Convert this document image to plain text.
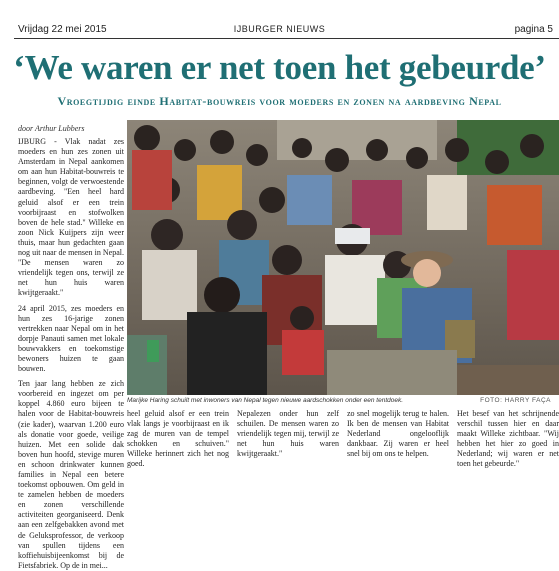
Vrijdag 22 mei 2015	IJBURGER NIEUWS	pagina 5
‘We waren er net toen het gebeurde’
Vroegtijdig einde Habitat-bouwreis voor moeders en zonen na aardbeving Nepal
door Arthur Lubbers

IJBURG - Vlak nadat zes moeders en hun zes zonen uit Amsterdam in Nepal aankomen om aan hun Habitat-bouwreis te beginnen, volgt de verwoestende aardbeving. "Een heel hard geluid alsof er een trein voorbijraast en stofwolken boven de hele stad." Willeke en zoon Nick Kuijpers zijn weer thuis, maar hun gedachten gaan nog uit naar de mensen in Nepal. "De mensen waren zo vriendelijk tegen ons, terwijl ze net hun huis waren kwijtgeraakt."

24 april 2015, zes moeders en hun zes 16-jarige zonen vertrekken naar Nepal om in het dorpje Panauti samen met lokale bouwvakkers en toekomstige bewoners huizen te gaan bouwen.

Ten jaar lang hebben ze zich voorbereid en ingezet om per koppel 4.860 euro bijeen te halen voor de Habitat-bouwreis (zie kader), waarvan 1.200 euro als donatie voor goede, veilige huizen. Met een solide dak boven hun hoofd, stevige muren en schoon drinkwater kunnen families in Nepal een betere toekomst opbouwen. Om geld in te zamelen hebben de moeders en zonen verschillende activiteiten georganiseerd. Denk aan een zelfgebakken avond met de Geluksprofessor, de verkoop van spullen tijdens een koffiehuisbijeenkomst bij de Fietsfabriek. Op de in mei...

Marijke Haring schuilt met inwoners van Nepal tegen nieuwe aardschokken onder een tentdoek.	FOTO: HARRY FAÇA
heel geluid alsof er een trein vlak langs je voorbijraast en ik zag de muren van de tempel schokken en schuiven." Willeke herinnert zich het nog goed.
Nepalezen onder hun zelf schuilen. De mensen waren zo vriendelijk tegen mij, terwijl ze net hun huis waren kwijtgeraakt."
zo snel mogelijk terug te halen. Ik ben de mensen van Habitat Nederland ongelooflijk dankbaar. Zij waren er heel snel bij om ons te helpen.
Het besef van het schrijnende verschil tussen hier en daar maakt Willeke zichtbaar. "Wij hebben het hier zo goed in Nederland; wij waren er net toen het gebeurde."
